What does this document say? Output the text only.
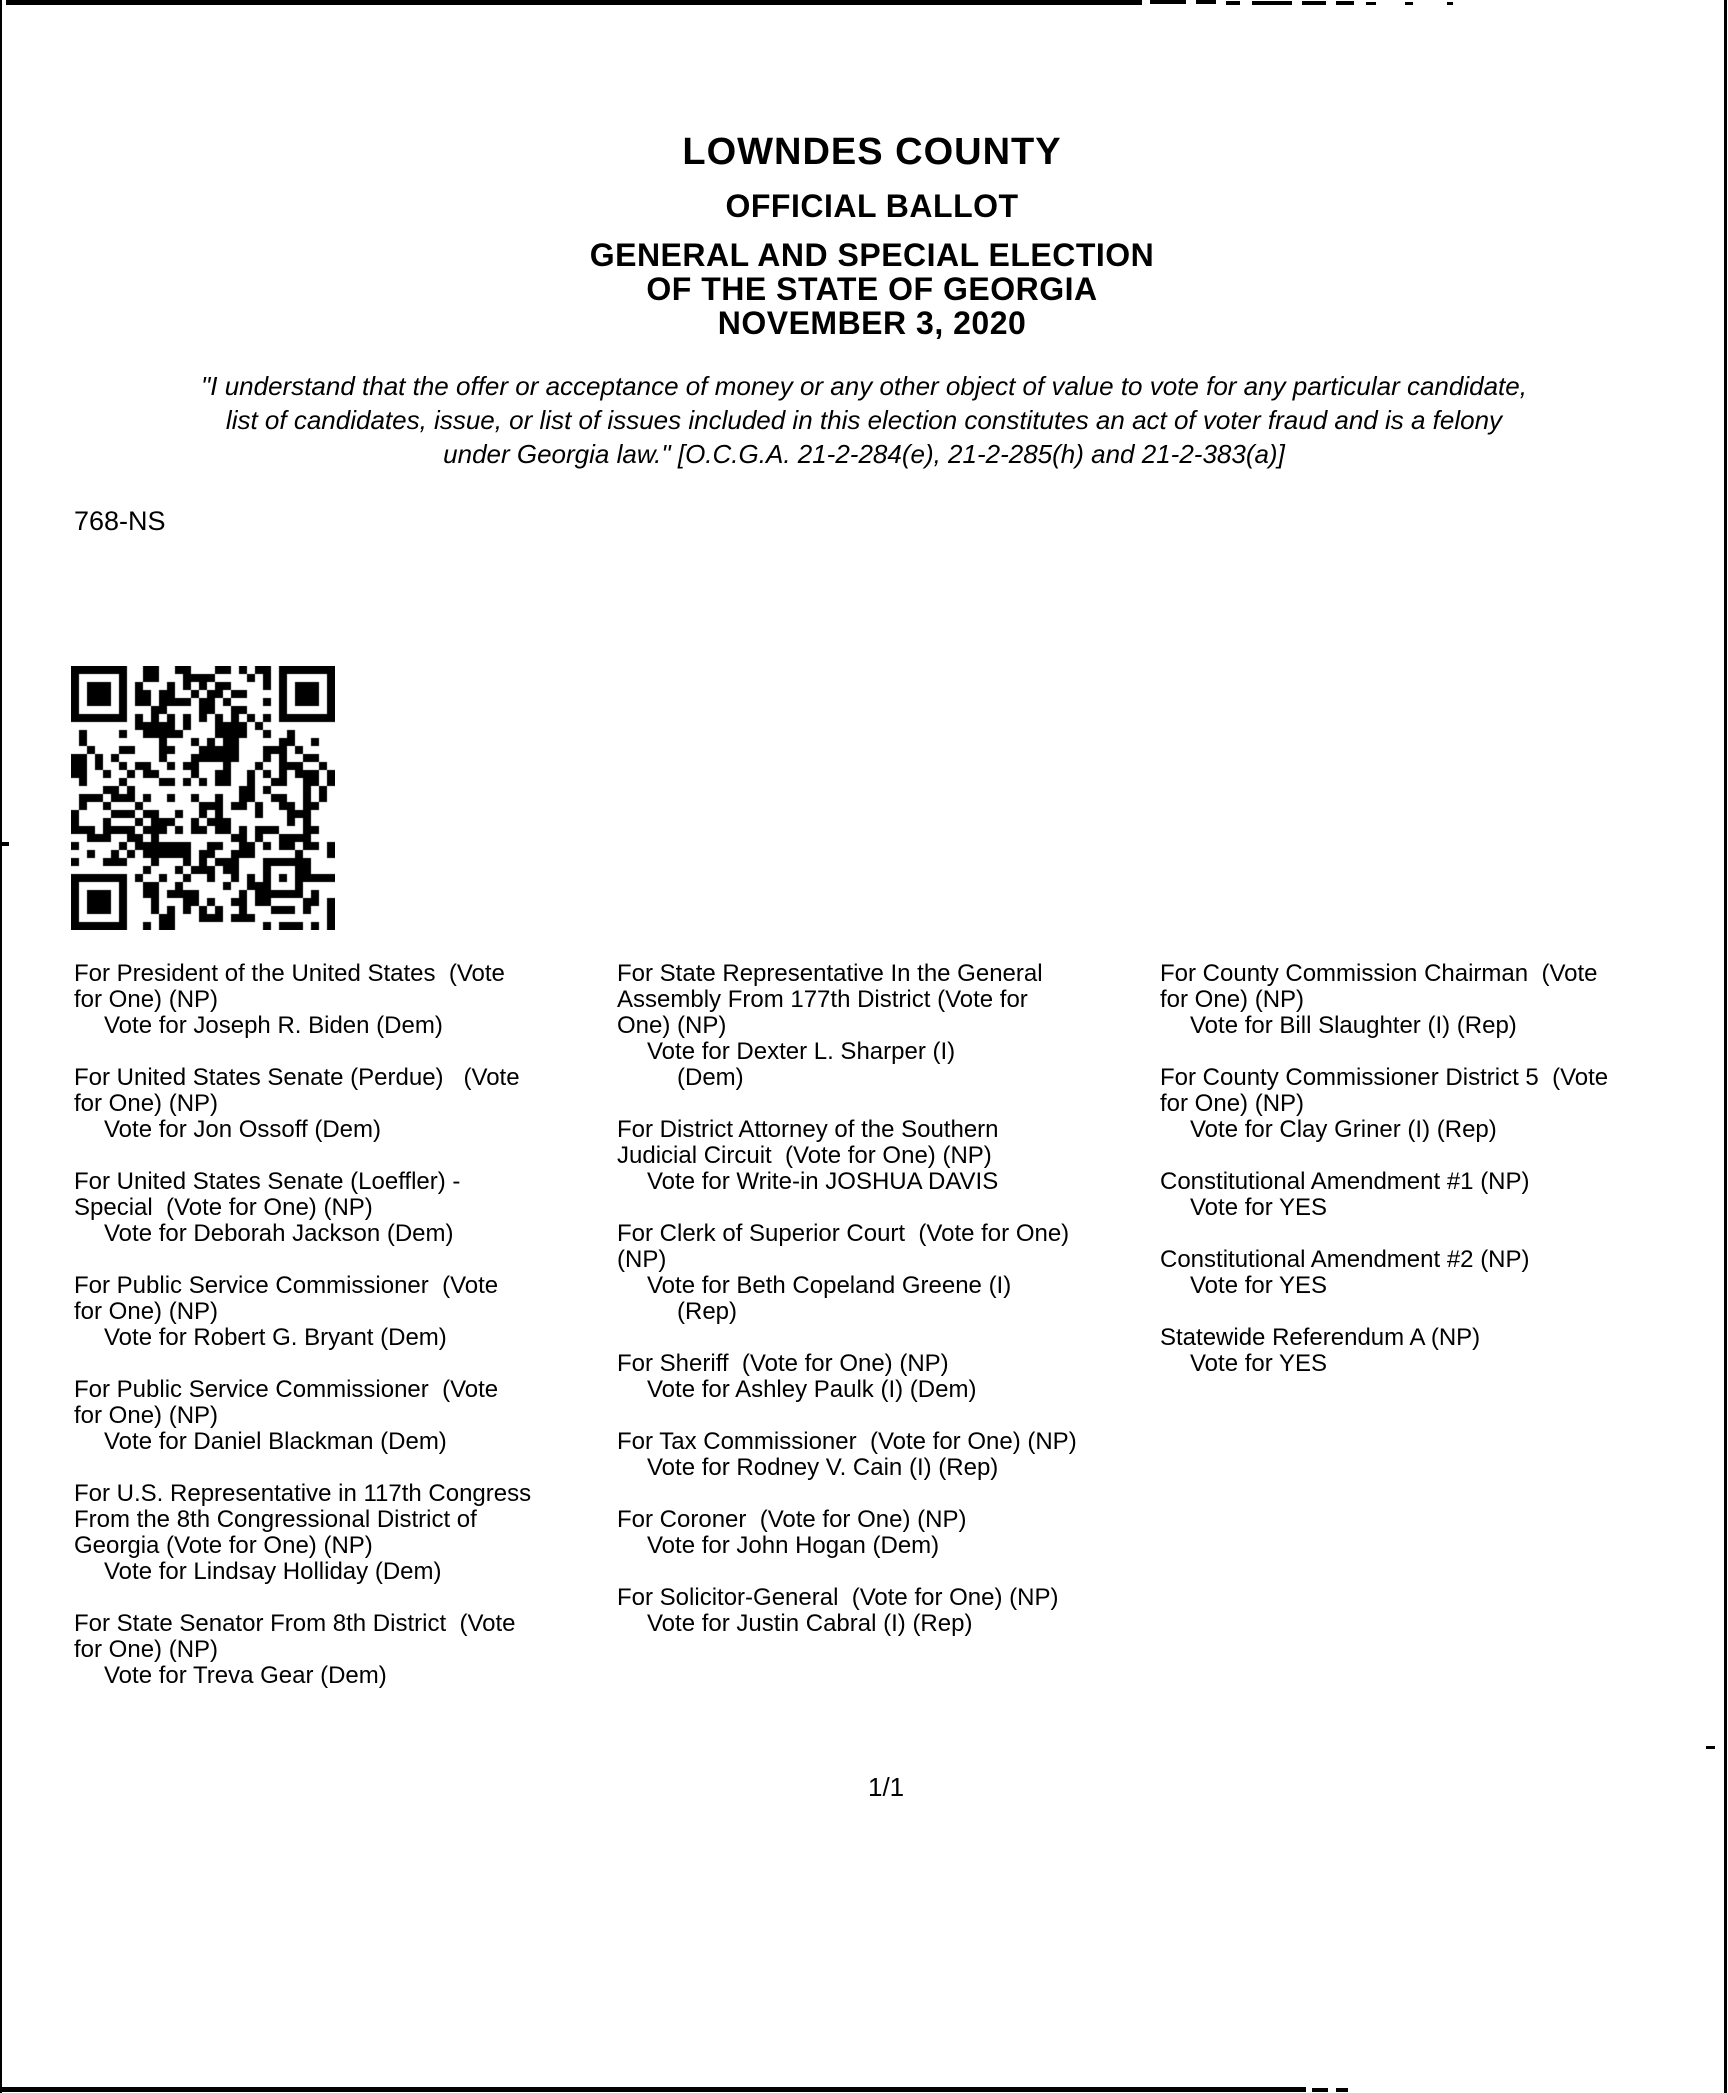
LOWNDES COUNTY
OFFICIAL BALLOT
GENERAL AND SPECIAL ELECTION
OF THE STATE OF GEORGIA
NOVEMBER 3, 2020
"I understand that the offer or acceptance of money or any other object of value to vote for any particular candidate,
list of candidates, issue, or list of issues included in this election constitutes an act of voter fraud and is a felony
under Georgia law." [O.C.G.A. 21-2-284(e), 21-2-285(h) and 21-2-383(a)]
768-NS
For President of the United States  (Vote
for One) (NP)
Vote for Joseph R. Biden (Dem)
For United States Senate (Perdue)   (Vote
for One) (NP)
Vote for Jon Ossoff (Dem)
For United States Senate (Loeffler) -
Special  (Vote for One) (NP)
Vote for Deborah Jackson (Dem)
For Public Service Commissioner  (Vote
for One) (NP)
Vote for Robert G. Bryant (Dem)
For Public Service Commissioner  (Vote
for One) (NP)
Vote for Daniel Blackman (Dem)
For U.S. Representative in 117th Congress
From the 8th Congressional District of
Georgia (Vote for One) (NP)
Vote for Lindsay Holliday (Dem)
For State Senator From 8th District  (Vote
for One) (NP)
Vote for Treva Gear (Dem)
For State Representative In the General
Assembly From 177th District (Vote for
One) (NP)
Vote for Dexter L. Sharper (I)
(Dem)
For District Attorney of the Southern
Judicial Circuit  (Vote for One) (NP)
Vote for Write-in JOSHUA DAVIS
For Clerk of Superior Court  (Vote for One)
(NP)
Vote for Beth Copeland Greene (I)
(Rep)
For Sheriff  (Vote for One) (NP)
Vote for Ashley Paulk (I) (Dem)
For Tax Commissioner  (Vote for One) (NP)
Vote for Rodney V. Cain (I) (Rep)
For Coroner  (Vote for One) (NP)
Vote for John Hogan (Dem)
For Solicitor-General  (Vote for One) (NP)
Vote for Justin Cabral (I) (Rep)
For County Commission Chairman  (Vote
for One) (NP)
Vote for Bill Slaughter (I) (Rep)
For County Commissioner District 5  (Vote
for One) (NP)
Vote for Clay Griner (I) (Rep)
Constitutional Amendment #1 (NP)
Vote for YES
Constitutional Amendment #2 (NP)
Vote for YES
Statewide Referendum A (NP)
Vote for YES
1/1
